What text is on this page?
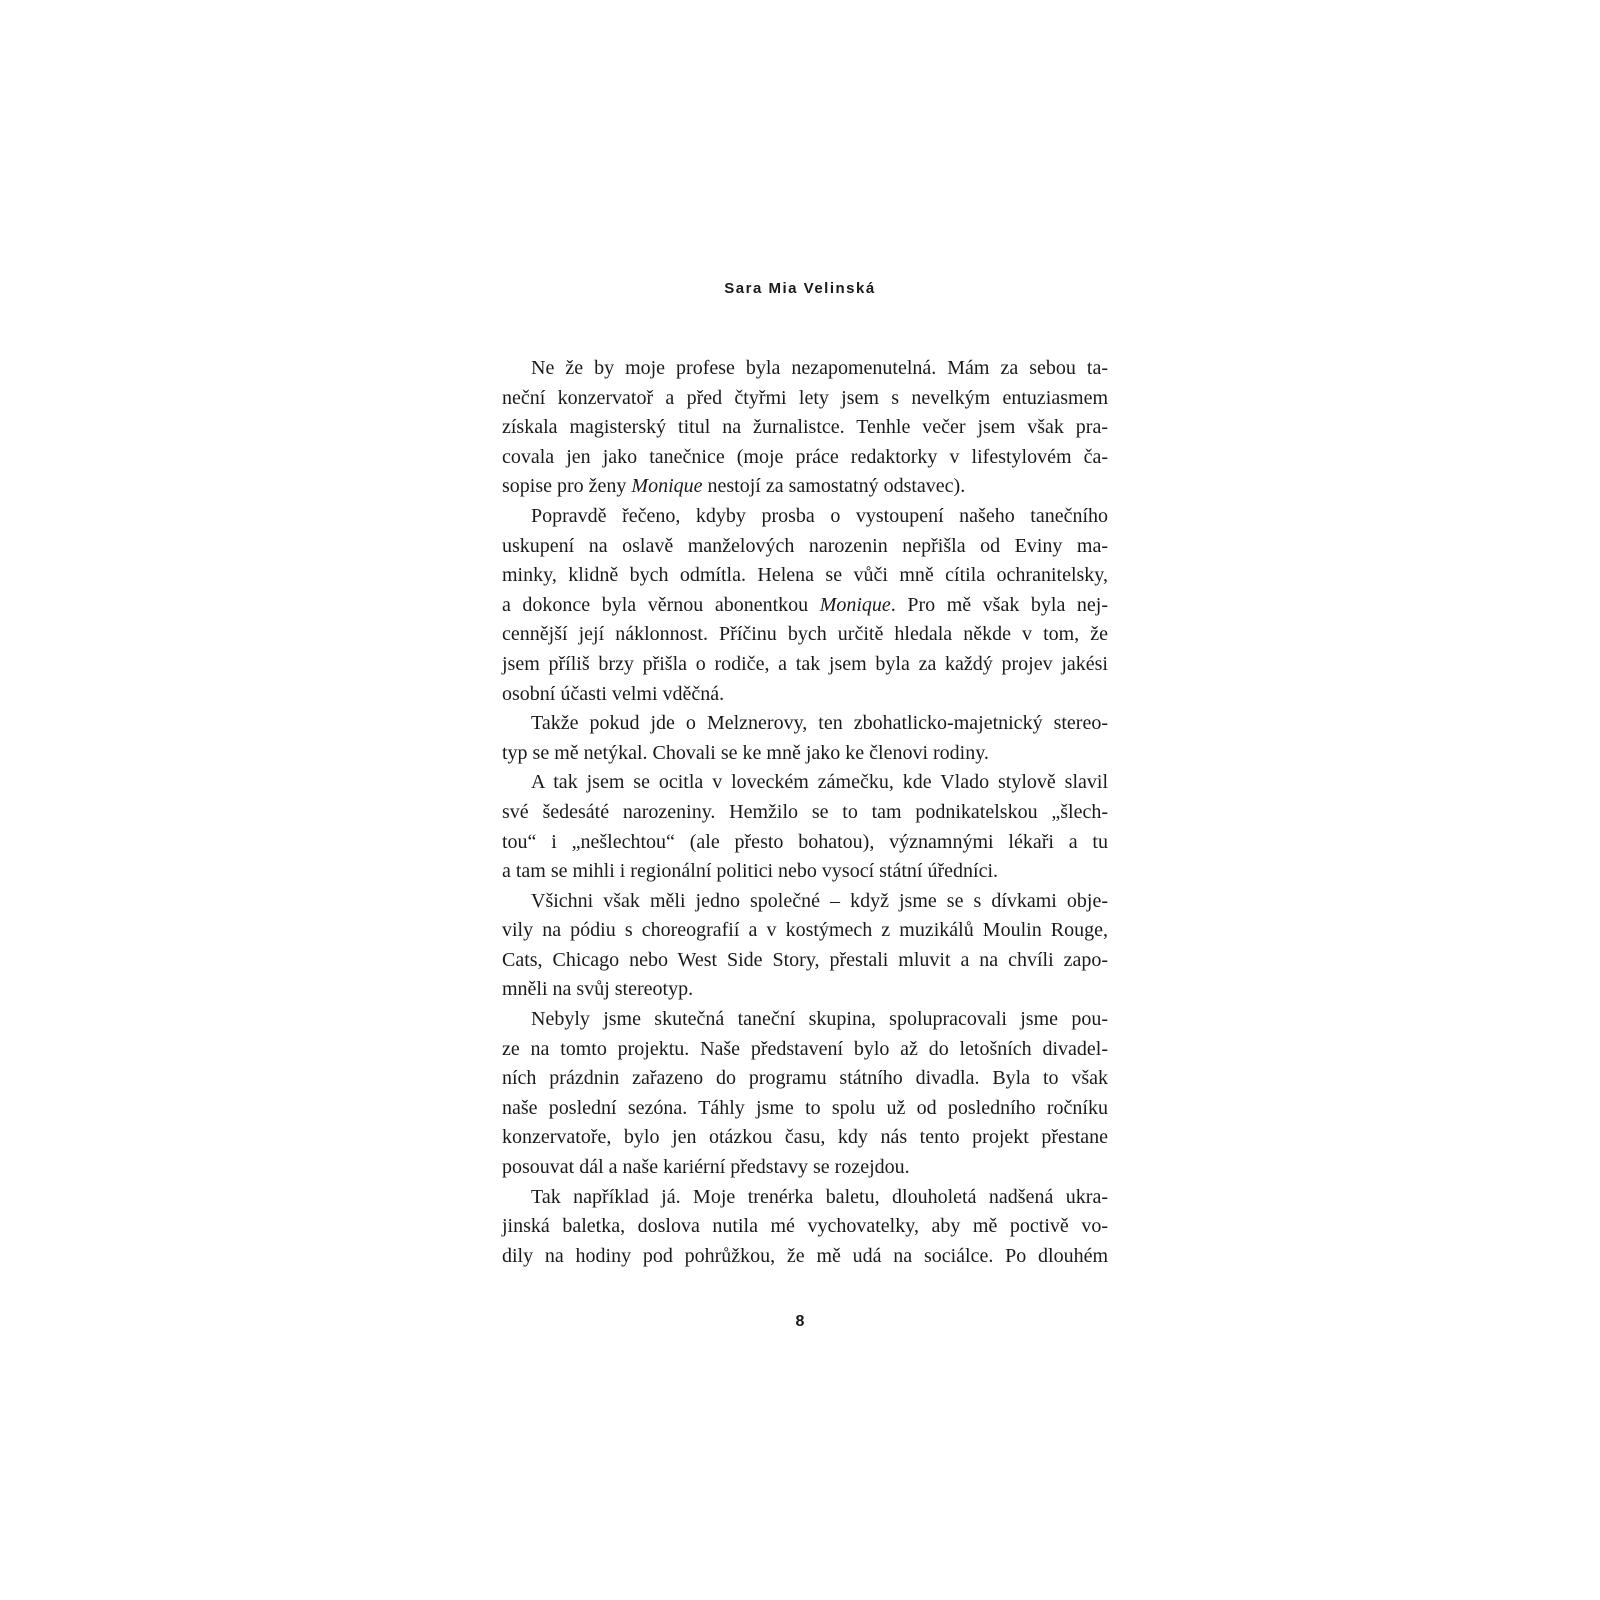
Sara Mia Velinská
Ne že by moje profese byla nezapomenutelná. Mám za sebou ta-
neční konzervatoř a před čtyřmi lety jsem s nevelkým entuziasmem
získala magisterský titul na žurnalistce. Tenhle večer jsem však pra-
covala jen jako tanečnice (moje práce redaktorky v lifestylovém ča-
sopise pro ženy Monique nestojí za samostatný odstavec).
Popravdě řečeno, kdyby prosba o vystoupení našeho tanečního
uskupení na oslavě manželových narozenin nepřišla od Eviny ma-
minky, klidně bych odmítla. Helena se vůči mně cítila ochranitelsky,
a dokonce byla věrnou abonentkou Monique. Pro mě však byla nej-
cennější její náklonnost. Příčinu bych určitě hledala někde v tom, že
jsem příliš brzy přišla o rodiče, a tak jsem byla za každý projev jakési
osobní účasti velmi vděčná.
Takže pokud jde o Melznerovy, ten zbohatlicko-majetnický stereo-
typ se mě netýkal. Chovali se ke mně jako ke členovi rodiny.
A tak jsem se ocitla v loveckém zámečku, kde Vlado stylově slavil
své šedesáté narozeniny. Hemžilo se to tam podnikatelskou „šlech-
tou“ i „nešlechtou“ (ale přesto bohatou), významnými lékaři a tu
a tam se mihli i regionální politici nebo vysocí státní úředníci.
Všichni však měli jedno společné – když jsme se s dívkami obje-
vily na pódiu s choreografií a v kostýmech z muzikálů Moulin Rouge,
Cats, Chicago nebo West Side Story, přestali mluvit a na chvíli zapo-
mněli na svůj stereotyp.
Nebyly jsme skutečná taneční skupina, spolupracovali jsme pou-
ze na tomto projektu. Naše představení bylo až do letošních divadel-
ních prázdnin zařazeno do programu státního divadla. Byla to však
naše poslední sezóna. Táhly jsme to spolu už od posledního ročníku
konzervatoře, bylo jen otázkou času, kdy nás tento projekt přestane
posouvat dál a naše kariérní představy se rozejdou.
Tak například já. Moje trenérka baletu, dlouholetá nadšená ukra-
jinská baletka, doslova nutila mé vychovatelky, aby mě poctivě vo-
dily na hodiny pod pohrůžkou, že mě udá na sociálce. Po dlouhém
8
